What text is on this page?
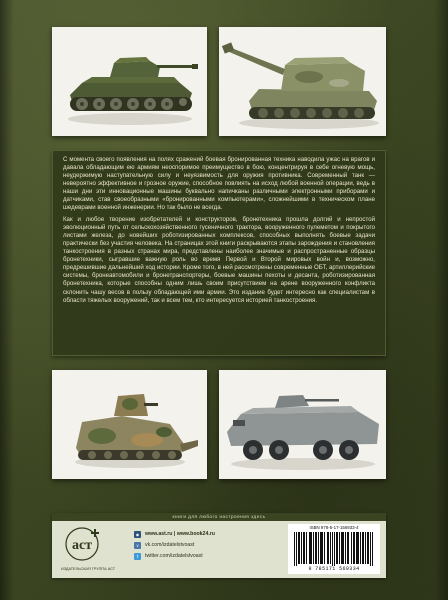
С момента своего появления на полях сражений боевая бронированная техника наводила ужас на врагов и давала обладающим ею армиям неоспоримое преимущество в бою, концентрируя в себе огневую мощь, неудержимую наступательную силу и неуязвимость для оружия противника. Современный танк — невероятно эффективное и грозное оружие, способное повлиять на исход любой военной операции, ведь в наши дни эти инновационные машины буквально напичканы различными электронными приборами и датчиками, став своеобразными «бронированными компьютерами», сложнейшими в техническом плане шедеврами военной инженерии. Но так было не всегда.

Как и любое творение изобретателей и конструкторов, бронетехника прошла долгий и непростой эволюционный путь от сельскохозяйственного гусеничного трактора, вооруженного пулеметом и покрытого листами железа, до новейших роботизированных комплексов, способных выполнять боевые задачи практически без участия человека. На страницах этой книги раскрываются этапы зарождения и становления танкостроения в разных странах мира, представлены наиболее значимые и распространенные образцы бронетехники, сыгравшие важную роль во время Первой и Второй мировых войн и, возможно, предрешившие дальнейший ход истории. Кроме того, в ней рассмотрены современные ОБТ, артиллерийские системы, бронеавтомобили и бронетранспортеры, боевые машины пехоты и десанта, роботизированная бронетехника, которые способны одним лишь своим присутствием на арене вооруженного конфликта склонить чашу весов в пользу обладающей ими армии. Это издание будет интересно как специалистам в области тяжелых вооружений, так и всем тем, кто интересуется историей танкостроения.

книги для любого настроения здесь
аст
ИЗДАТЕЛЬСКАЯ ГРУППА АСТ
◉	www.ast.ru | www.book24.ru
v	vk.com/izdatelstvoast
t	twitter.com/izdatelstvoast
ISBN 978-5-17-156933-4
9 785171 569334
